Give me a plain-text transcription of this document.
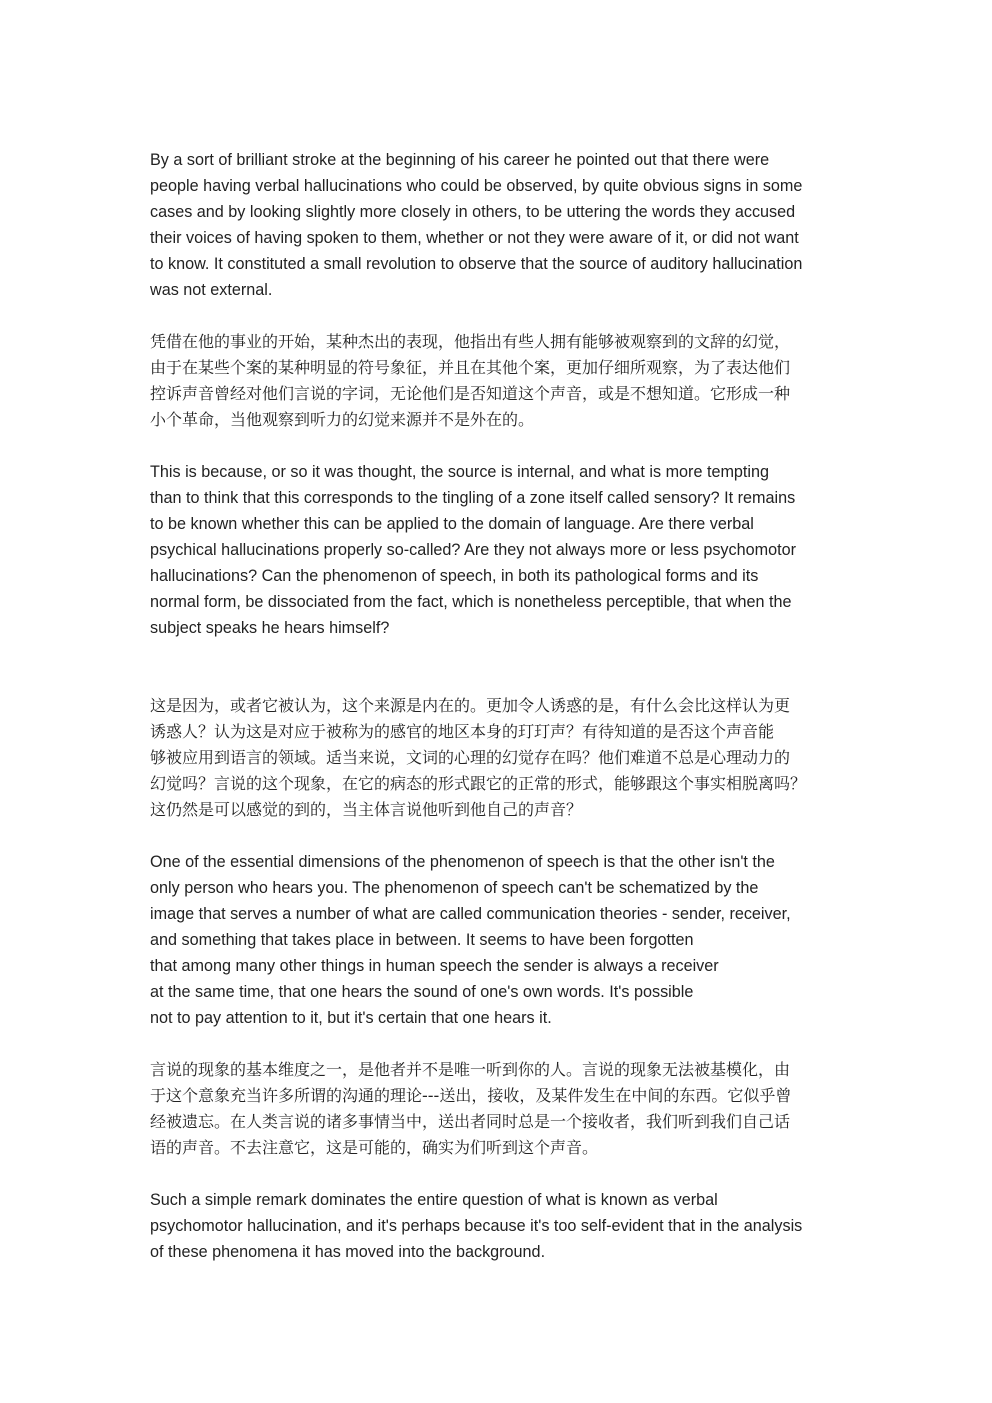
By a sort of brilliant stroke at the beginning of his career he pointed out that there were
people having verbal hallucinations who could be observed, by quite obvious signs in some
cases and by looking slightly more closely in others, to be uttering the words they accused
their voices of having spoken to them, whether or not they were aware of it, or did not want
to know. It constituted a small revolution to observe that the source of auditory hallucination
was not external.

凭借在他的事业的开始，某种杰出的表现，他指出有些人拥有能够被观察到的文辞的幻觉，
由于在某些个案的某种明显的符号象征，并且在其他个案，更加仔细所观察，为了表达他们
控诉声音曾经对他们言说的字词，无论他们是否知道这个声音，或是不想知道。它形成一种
小个革命，当他观察到听力的幻觉来源并不是外在的。

This is because, or so it was thought, the source is internal, and what is more tempting
than to think that this corresponds to the tingling of a zone itself called sensory? It remains
to be known whether this can be applied to the domain of language. Are there verbal
psychical hallucinations properly so-called? Are they not always more or less psychomotor
hallucinations? Can the phenomenon of speech, in both its pathological forms and its
normal form, be dissociated from the fact, which is nonetheless perceptible, that when the
subject speaks he hears himself?

这是因为，或者它被认为，这个来源是内在的。更加令人诱惑的是，有什么会比这样认为更
诱惑人？认为这是对应于被称为的感官的地区本身的玎玎声？有待知道的是否这个声音能
够被应用到语言的领域。适当来说，文词的心理的幻觉存在吗？他们难道不总是心理动力的
幻觉吗？言说的这个现象，在它的病态的形式跟它的正常的形式，能够跟这个事实相脱离吗？
这仍然是可以感觉的到的，当主体言说他听到他自己的声音？

One of the essential dimensions of the phenomenon of speech is that the other isn't the
only person who hears you. The phenomenon of speech can't be schematized by the
image that serves a number of what are called communication theories - sender, receiver,
and something that takes place in between. It seems to have been forgotten
that among many other things in human speech the sender is always a receiver
at the same time, that one hears the sound of one's own words. It's possible
not to pay attention to it, but it's certain that one hears it.

言说的现象的基本维度之一，是他者并不是唯一听到你的人。言说的现象无法被基模化，由
于这个意象充当许多所谓的沟通的理论---送出，接收，及某件发生在中间的东西。它似乎曾
经被遗忘。在人类言说的诸多事情当中，送出者同时总是一个接收者，我们听到我们自己话
语的声音。不去注意它，这是可能的，确实为们听到这个声音。

Such a simple remark dominates the entire question of what is known as verbal
psychomotor hallucination, and it's perhaps because it's too self-evident that in the analysis
of these phenomena it has moved into the background.
